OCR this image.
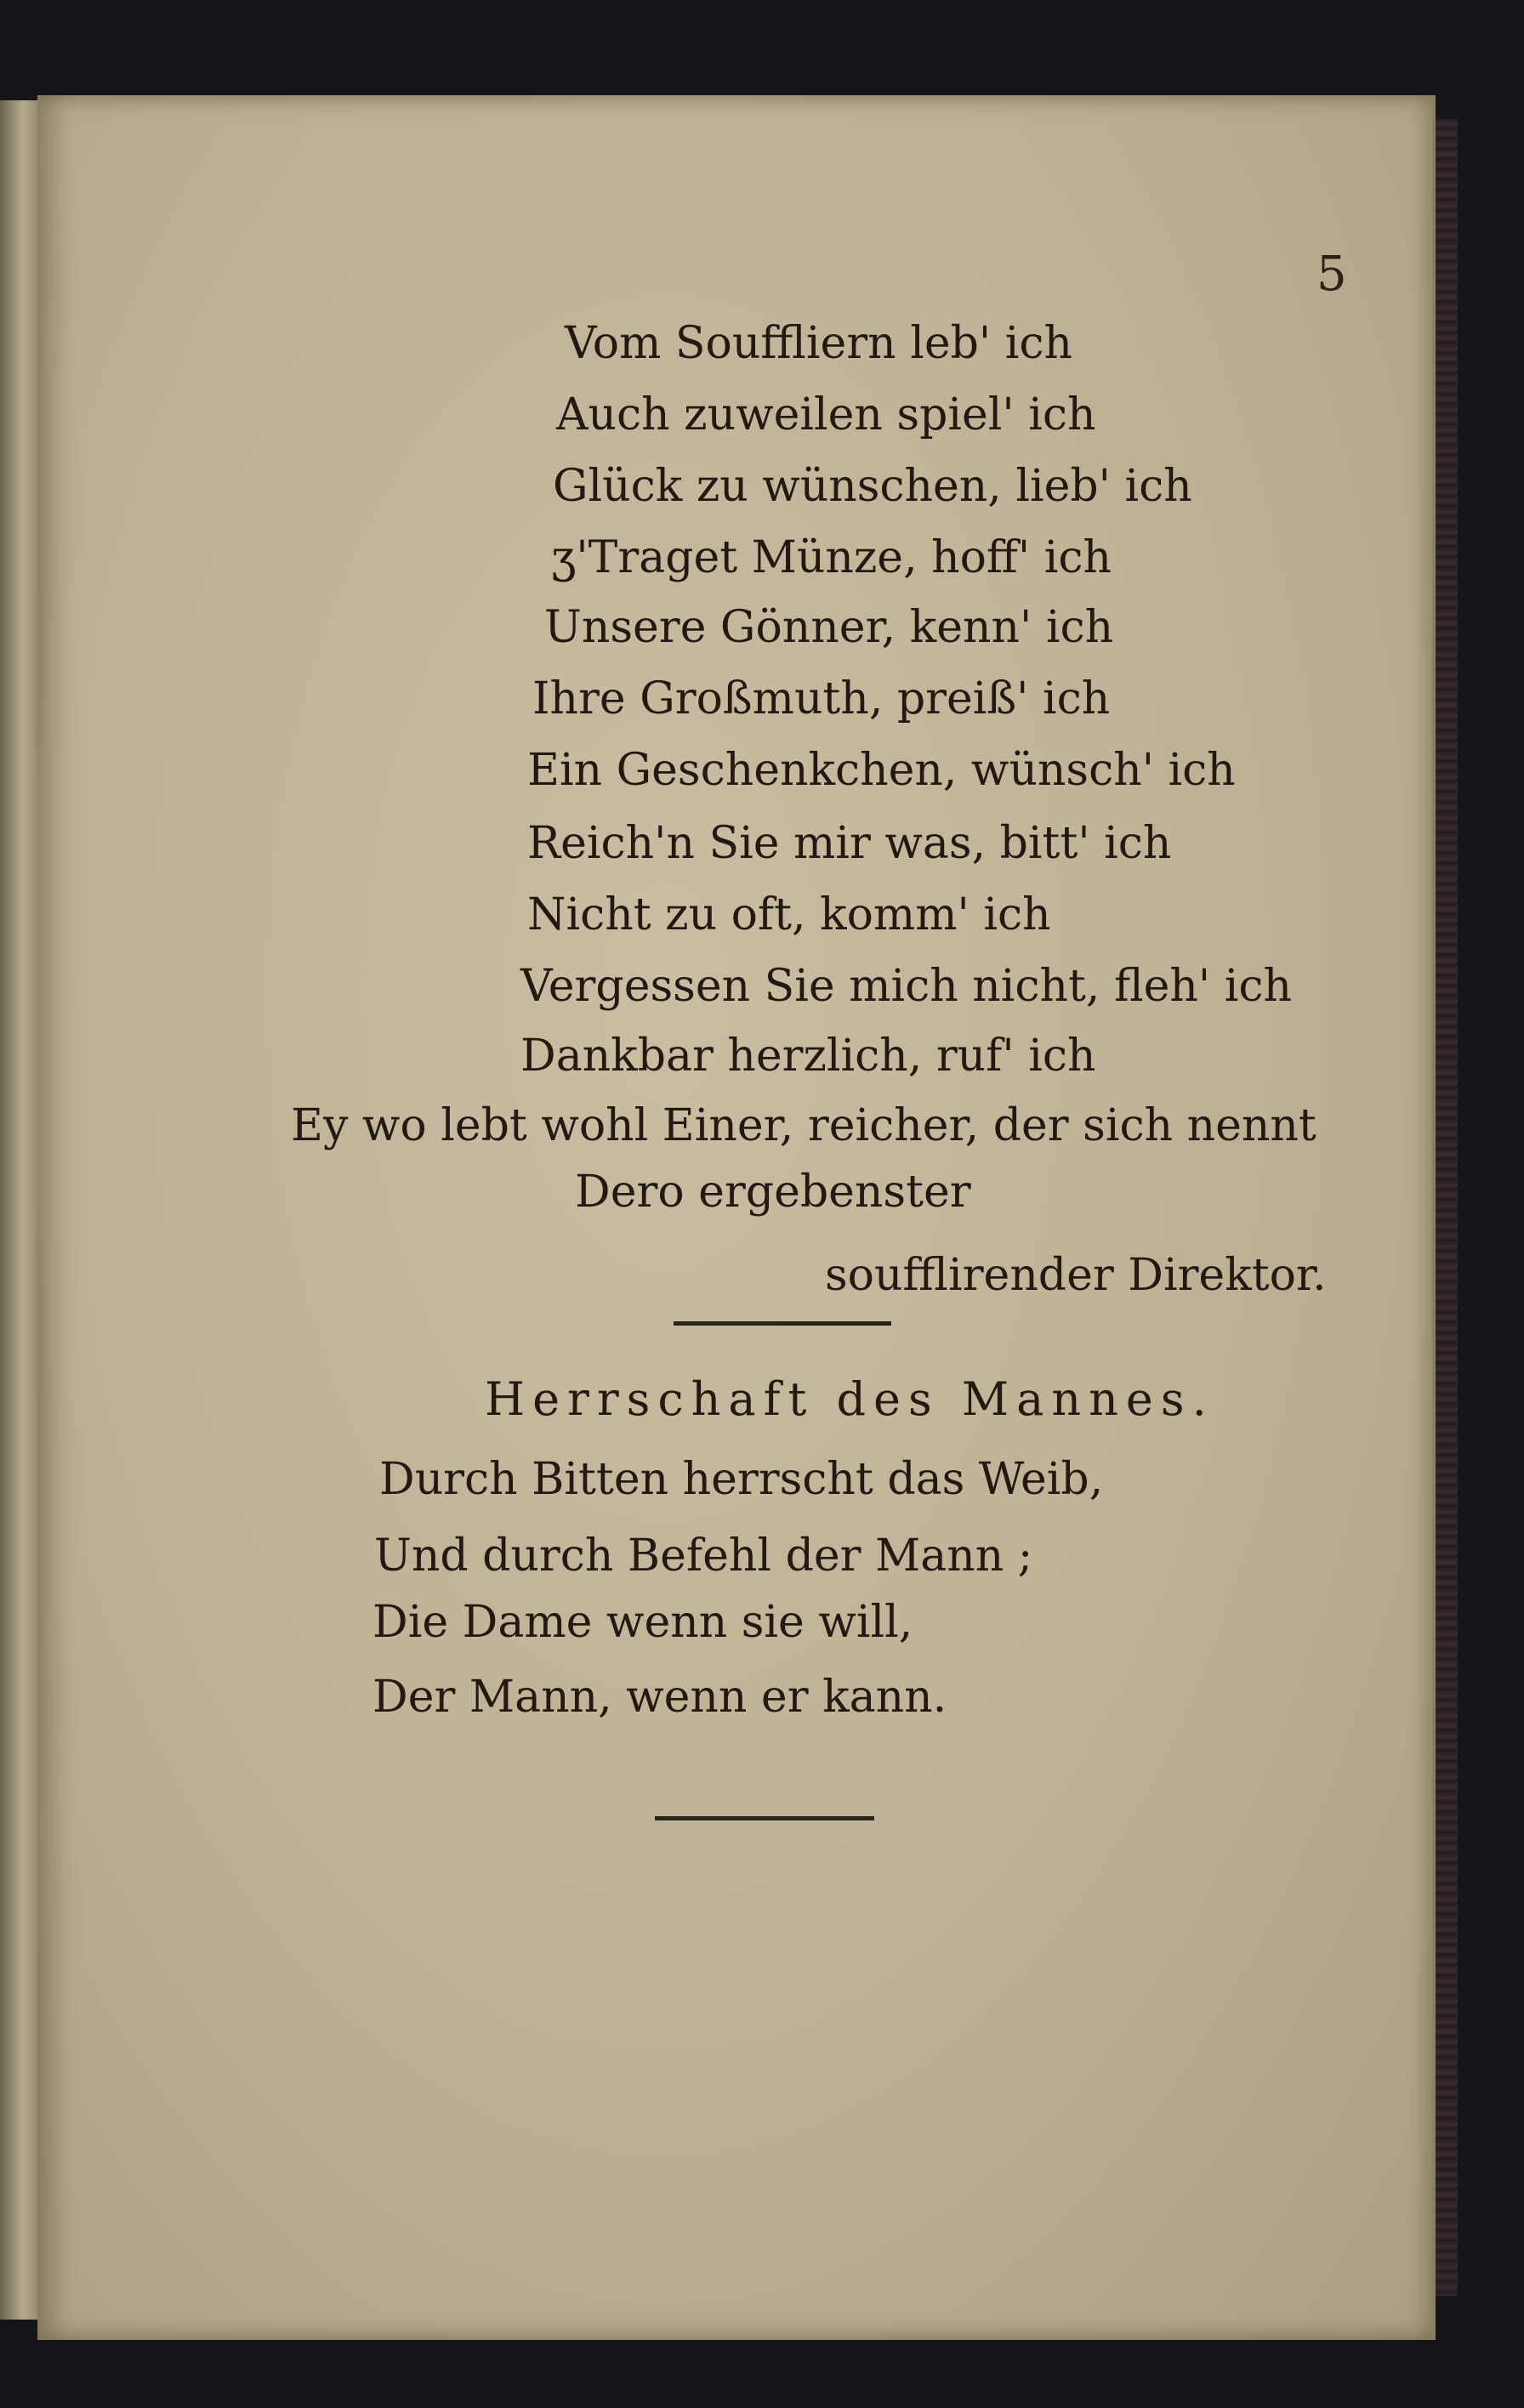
5
Vom Souffliern leb' ich
Auch zuweilen spiel' ich
Glück zu wünschen, lieb' ich
ʒ'Traget Münze, hoff' ich
Unsere Gönner, kenn' ich
Ihre Großmuth, preiß' ich
Ein Geschenkchen, wünsch' ich
Reich'n Sie mir was, bitt' ich
Nicht zu oft, komm' ich
Vergessen Sie mich nicht, fleh' ich
Dankbar herzlich, ruf' ich
Ey wo lebt wohl Einer, reicher, der sich nennt
Dero ergebenster
soufflirender Direktor.
Herrschaft des Mannes.
Durch Bitten herrscht das Weib,
Und durch Befehl der Mann ;
Die Dame wenn sie will,
Der Mann, wenn er kann.
